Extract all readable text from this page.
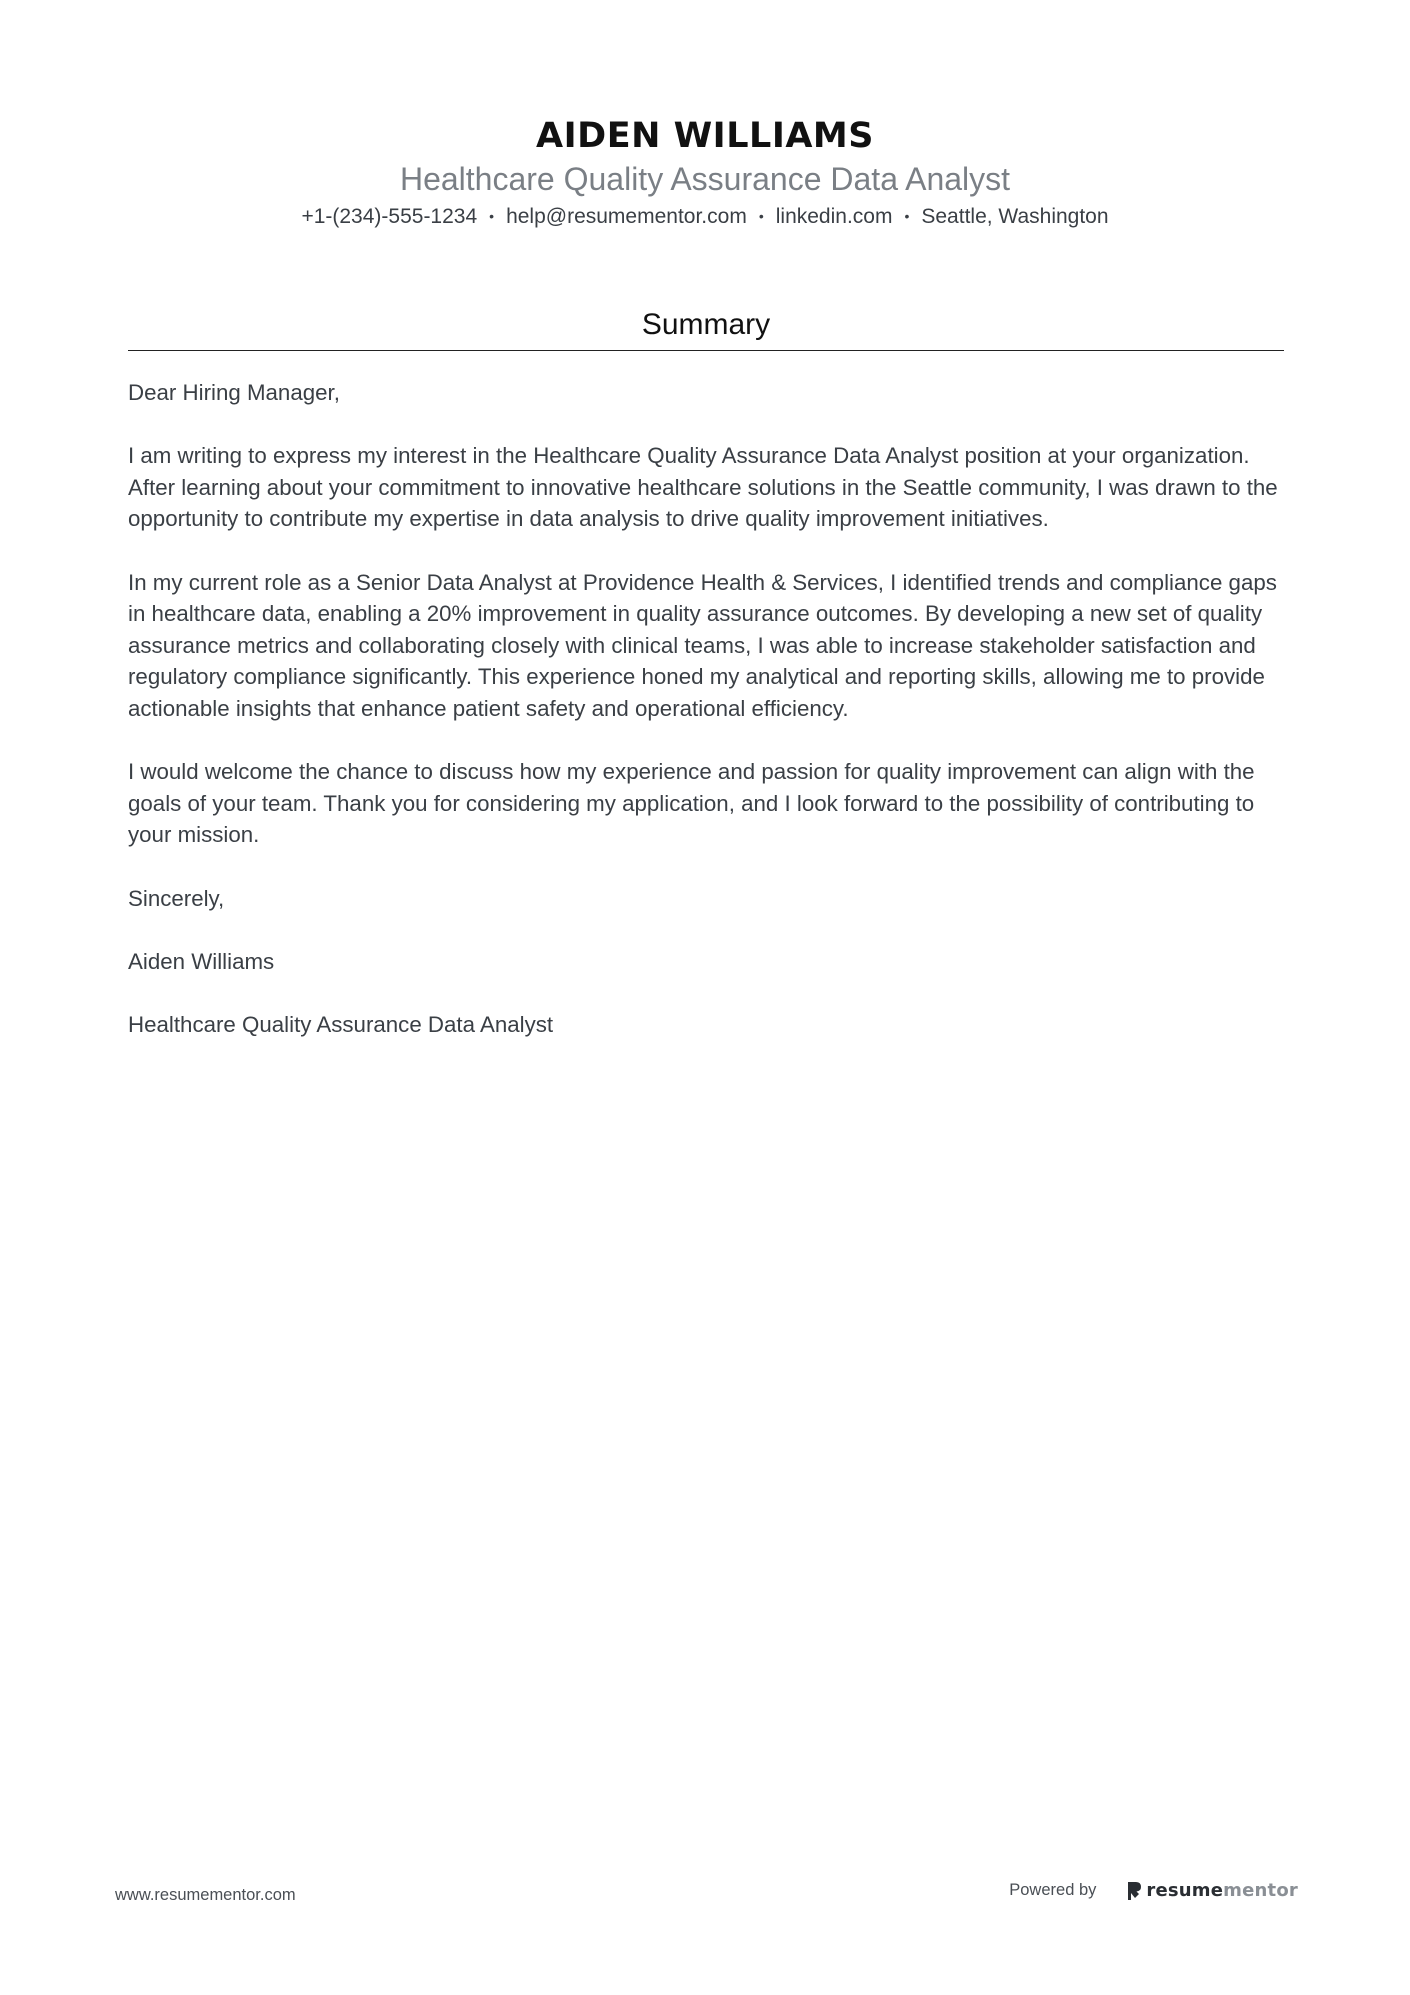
AIDEN WILLIAMS
Healthcare Quality Assurance Data Analyst
+1-(234)-555-1234 • help@resumementor.com • linkedin.com • Seattle, Washington
Summary

Dear Hiring Manager,

I am writing to express my interest in the Healthcare Quality Assurance Data Analyst position at your organization. After learning about your commitment to innovative healthcare solutions in the Seattle community, I was drawn to the opportunity to contribute my expertise in data analysis to drive quality improvement initiatives.

In my current role as a Senior Data Analyst at Providence Health & Services, I identified trends and compliance gaps in healthcare data, enabling a 20% improvement in quality assurance outcomes. By developing a new set of quality assurance metrics and collaborating closely with clinical teams, I was able to increase stakeholder satisfaction and regulatory compliance significantly. This experience honed my analytical and reporting skills, allowing me to provide actionable insights that enhance patient safety and operational efficiency.

I would welcome the chance to discuss how my experience and passion for quality improvement can align with the goals of your team. Thank you for considering my application, and I look forward to the possibility of contributing to your mission.

Sincerely,

Aiden Williams

Healthcare Quality Assurance Data Analyst

www.resumementor.com	Powered by	resumementor
